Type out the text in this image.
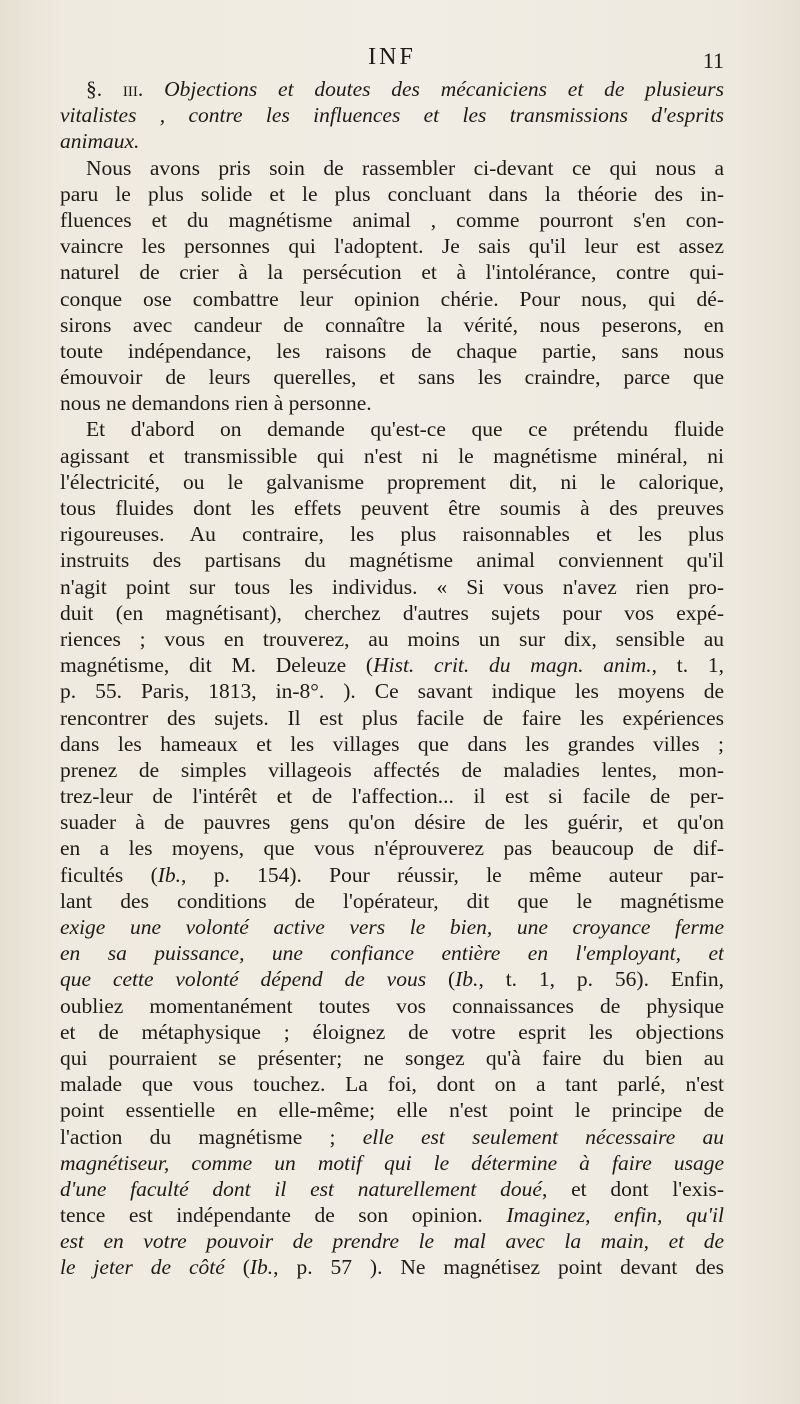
INF	11
§. iii. Objections et doutes des mécaniciens et de plusieurs
vitalistes , contre les influences et les transmissions d'esprits
animaux.
Nous avons pris soin de rassembler ci-devant ce qui nous a
paru le plus solide et le plus concluant dans la théorie des in-
fluences et du magnétisme animal , comme pourront s'en con-
vaincre les personnes qui l'adoptent. Je sais qu'il leur est assez
naturel de crier à la persécution et à l'intolérance, contre qui-
conque ose combattre leur opinion chérie. Pour nous, qui dé-
sirons avec candeur de connaître la vérité, nous peserons, en
toute indépendance, les raisons de chaque partie, sans nous
émouvoir de leurs querelles, et sans les craindre, parce que
nous ne demandons rien à personne.
Et d'abord on demande qu'est-ce que ce prétendu fluide
agissant et transmissible qui n'est ni le magnétisme minéral, ni
l'électricité, ou le galvanisme proprement dit, ni le calorique,
tous fluides dont les effets peuvent être soumis à des preuves
rigoureuses. Au contraire, les plus raisonnables et les plus
instruits des partisans du magnétisme animal conviennent qu'il
n'agit point sur tous les individus. « Si vous n'avez rien pro-
duit (en magnétisant), cherchez d'autres sujets pour vos expé-
riences ; vous en trouverez, au moins un sur dix, sensible au
magnétisme, dit M. Deleuze (Hist. crit. du magn. anim., t. 1,
p. 55. Paris, 1813, in-8°. ). Ce savant indique les moyens de
rencontrer des sujets. Il est plus facile de faire les expériences
dans les hameaux et les villages que dans les grandes villes ;
prenez de simples villageois affectés de maladies lentes, mon-
trez-leur de l'intérêt et de l'affection... il est si facile de per-
suader à de pauvres gens qu'on désire de les guérir, et qu'on
en a les moyens, que vous n'éprouverez pas beaucoup de dif-
ficultés (Ib., p. 154). Pour réussir, le même auteur par-
lant des conditions de l'opérateur, dit que le magnétisme
exige une volonté active vers le bien, une croyance ferme
en sa puissance, une confiance entière en l'employant, et
que cette volonté dépend de vous (Ib., t. 1, p. 56). Enfin,
oubliez momentanément toutes vos connaissances de physique
et de métaphysique ; éloignez de votre esprit les objections
qui pourraient se présenter; ne songez qu'à faire du bien au
malade que vous touchez. La foi, dont on a tant parlé, n'est
point essentielle en elle-même; elle n'est point le principe de
l'action du magnétisme ; elle est seulement nécessaire au
magnétiseur, comme un motif qui le détermine à faire usage
d'une faculté dont il est naturellement doué, et dont l'exis-
tence est indépendante de son opinion. Imaginez, enfin, qu'il
est en votre pouvoir de prendre le mal avec la main, et de
le jeter de côté (Ib., p. 57 ). Ne magnétisez point devant des
